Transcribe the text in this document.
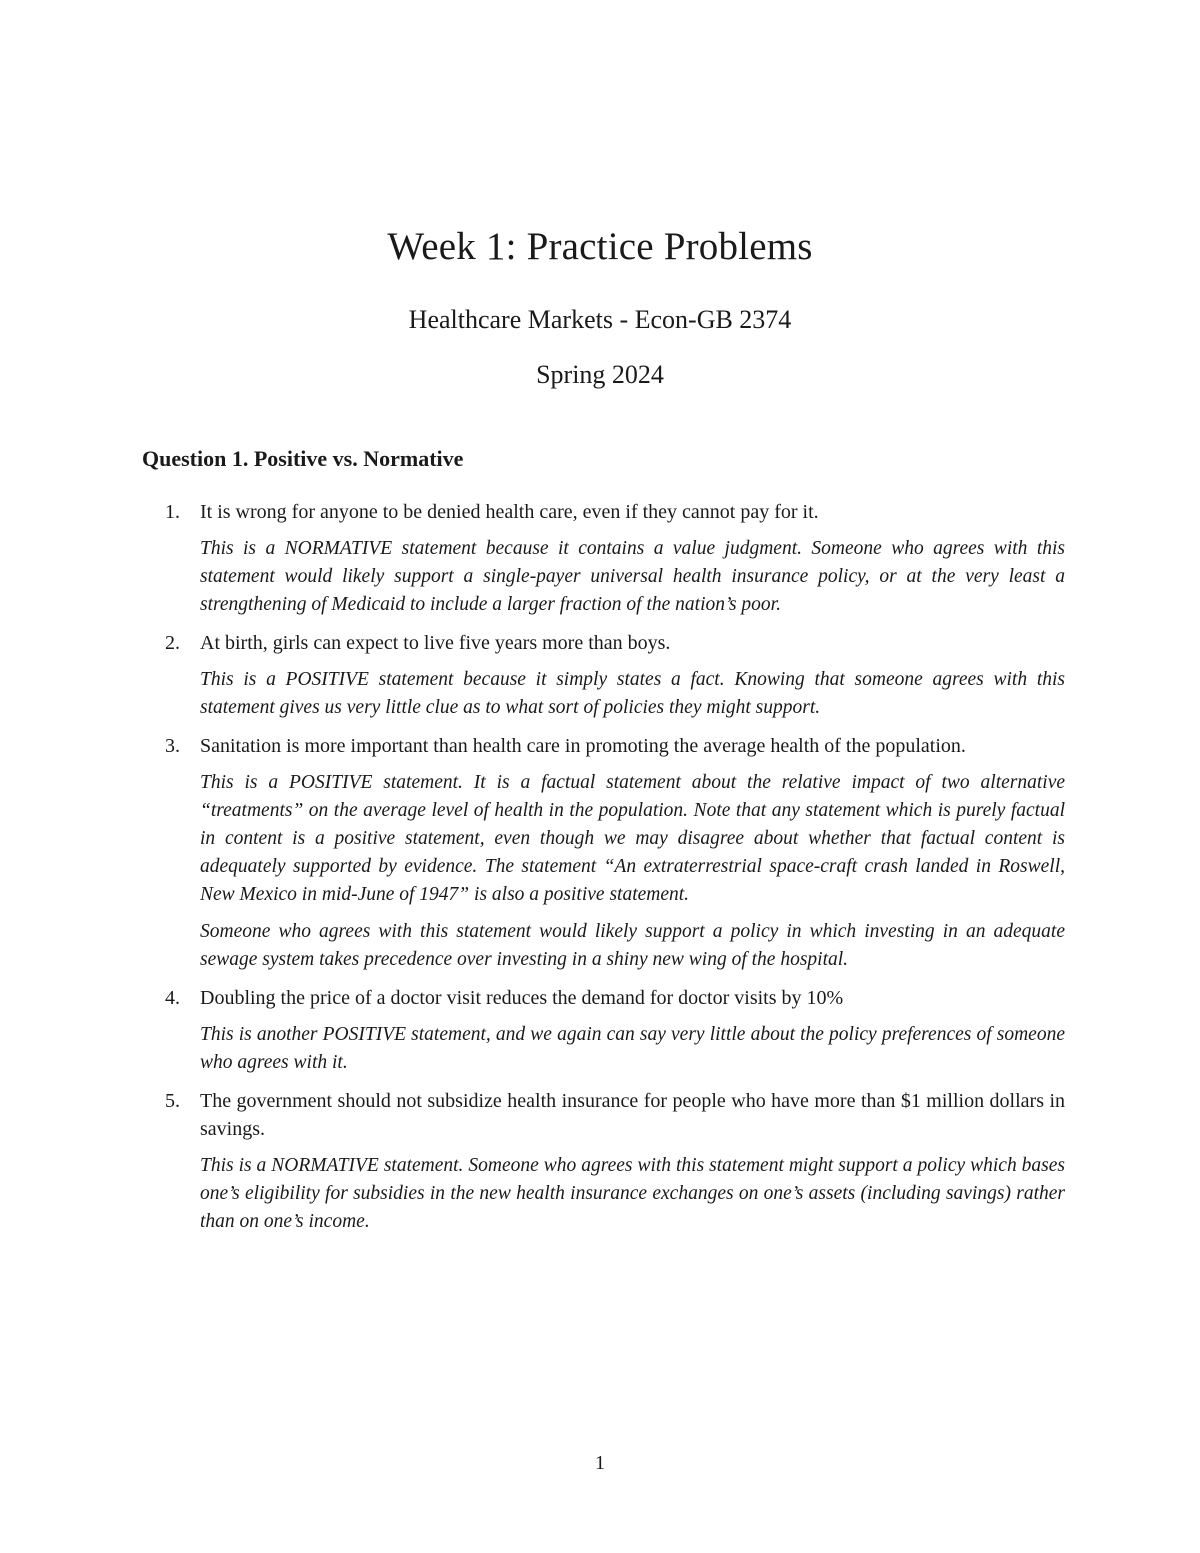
Week 1: Practice Problems
Healthcare Markets - Econ-GB 2374
Spring 2024
Question 1. Positive vs. Normative
1. It is wrong for anyone to be denied health care, even if they cannot pay for it.

This is a NORMATIVE statement because it contains a value judgment. Someone who agrees with this statement would likely support a single-payer universal health insurance policy, or at the very least a strengthening of Medicaid to include a larger fraction of the nation’s poor.

2. At birth, girls can expect to live five years more than boys.

This is a POSITIVE statement because it simply states a fact. Knowing that someone agrees with this statement gives us very little clue as to what sort of policies they might support.

3. Sanitation is more important than health care in promoting the average health of the population.

This is a POSITIVE statement. It is a factual statement about the relative impact of two alternative “treatments” on the average level of health in the population. Note that any statement which is purely factual in content is a positive statement, even though we may disagree about whether that factual content is adequately supported by evidence. The statement “An extraterrestrial space-craft crash landed in Roswell, New Mexico in mid-June of 1947” is also a positive statement.

Someone who agrees with this statement would likely support a policy in which investing in an adequate sewage system takes precedence over investing in a shiny new wing of the hospital.

4. Doubling the price of a doctor visit reduces the demand for doctor visits by 10%

This is another POSITIVE statement, and we again can say very little about the policy preferences of someone who agrees with it.

5. The government should not subsidize health insurance for people who have more than $1 million dollars in savings.

This is a NORMATIVE statement. Someone who agrees with this statement might support a policy which bases one’s eligibility for subsidies in the new health insurance exchanges on one’s assets (including savings) rather than on one’s income.

1
